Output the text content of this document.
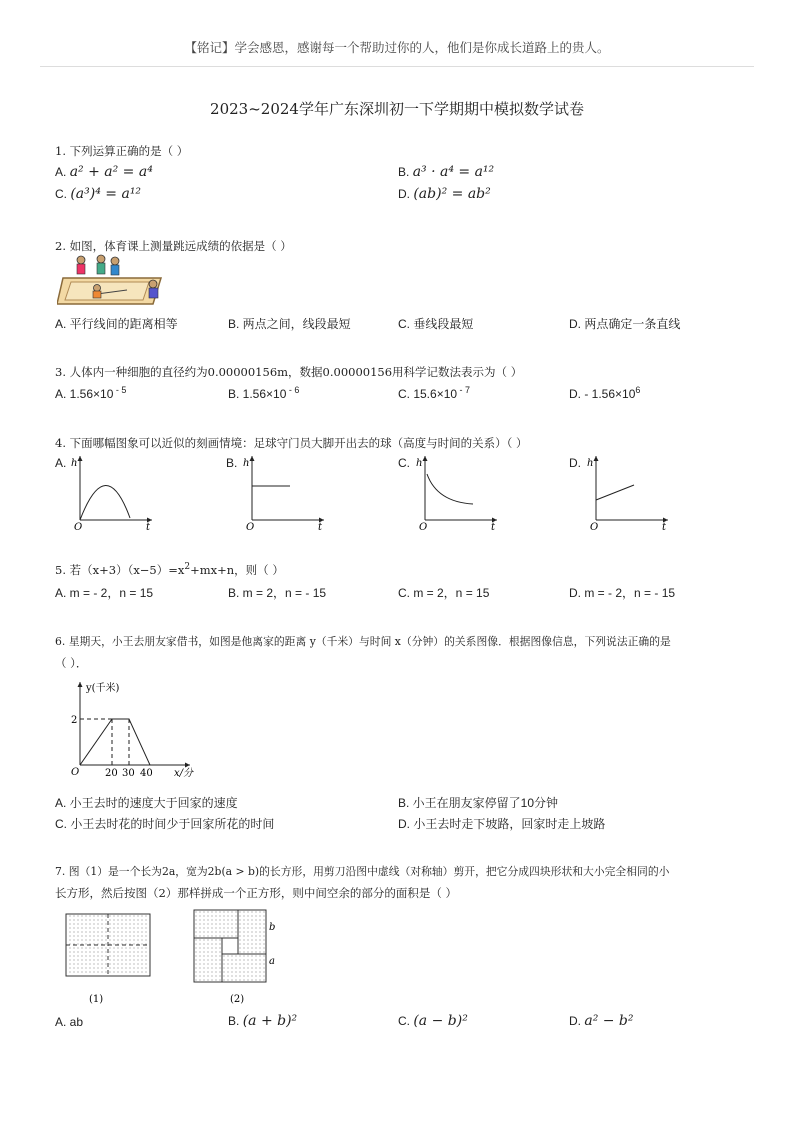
【铭记】学会感恩，感谢每一个帮助过你的人，他们是你成长道路上的贵人。
2023~2024学年广东深圳初一下学期期中模拟数学试卷
1. 下列运算正确的是（ ）
A. a² + a² = a⁴	B. a³ · a⁴ = a¹²
C. (a³)⁴ = a¹²	D. (ab)² = ab²
2. 如图，体育课上测量跳远成绩的依据是（ ）
A. 平行线间的距离相等	B. 两点之间，线段最短	C. 垂线段最短	D. 两点确定一条直线
3. 人体内一种细胞的直径约为0.00000156m，数据0.00000156用科学记数法表示为（ ）
A. 1.56×10 $^{- 5}$	B. 1.56×10 $^{- 6}$	C. 15.6×10 $^{- 7}$	D. - $1.56\times 10^6$
4. 下面哪幅图象可以近似的刻画情境：足球守门员大脚开出去的球（高度与时间的关系）（ ）
A. h
O	t
B. h
O	t
C. h
O	t
D. h
O	t
5. 若$(x+3)(x-5)=x^2+mx+n$，则（ ）
A. m = - 2，n = 15	B. m = 2，n = - 15	C. m = 2，n = 15	D. m = - 2，n = - 15
6. 星期天，小王去朋友家借书，如图是他离家的距离 y（千米）与时间 x（分钟）的关系图像．根据图像信息，下列说法正确的是
（ ）．
y(千米)
2
O	20 30 40 x/分
A. 小王去时的速度大于回家的速度	B. 小王在朋友家停留了10分钟
C. 小王去时花的时间少于回家所花的时间	D. 小王去时走下坡路，回家时走上坡路
7. 图（1）是一个长为2a，宽为2b(a > b)的长方形，用剪刀沿图中虚线（对称轴）剪开，把它分成四块形状和大小完全相同的小
长方形，然后按图（2）那样拼成一个正方形，则中间空余的部分的面积是（ ）
(1)
b
a
(2)
A. ab	B. (a + b)²	C. (a − b)²	D. a² − b²
